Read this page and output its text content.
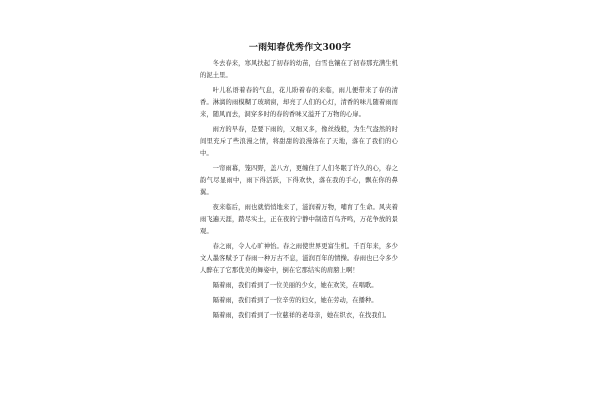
一雨知春优秀作文300字

冬去春来，寒风扶起了初春的幼苗，白雪也镶在了初春那充满生机的泥土里。

叶儿私语着春的气息，花儿盼着春的来临，雨儿便带来了春的清香。淋漓的雨模糊了玻璃窗，却亮了人们的心灯，清香的味儿随着雨而来，随风而去，洞穿多时的春的香味又溢开了万物的心扉。

雨方的早春，是要下雨的，又细又多，像丝线般，为生气盎然的时间里充斥了些浪漫之情，将甜甜的浪漫落在了天地，落在了我们的心中。

一帘雨幕，笼四野，盖八方，更缠住了人们冬眠了许久的心，春之韵气尽显雨中，雨下得活跃，下得欢快，落在我的手心，飘在你的鼻翼。

夜来临后，雨也就悄悄地来了，滋润着万物，哺育了生命。风夹着雨飞遍天涯，踏尽实土，正在夜的宁静中制造百鸟齐鸣，万花争放的景观。

春之雨，令人心旷神怡。春之雨使世界更富生机。千百年来，多少文人墨客赋予了春雨一种万古不息，滋润百年的情操。春雨也已令多少人醉在了它那优美的舞姿中，倒在它那结实的肩膀上啊！

隔着雨，我们看到了一位美丽的少女，她在欢笑，在唱歌。

隔着雨，我们看到了一位辛劳的妇女，她在劳动，在播种。

隔着雨，我们看到了一位慈祥的老母亲，她在织衣，在找我们。
